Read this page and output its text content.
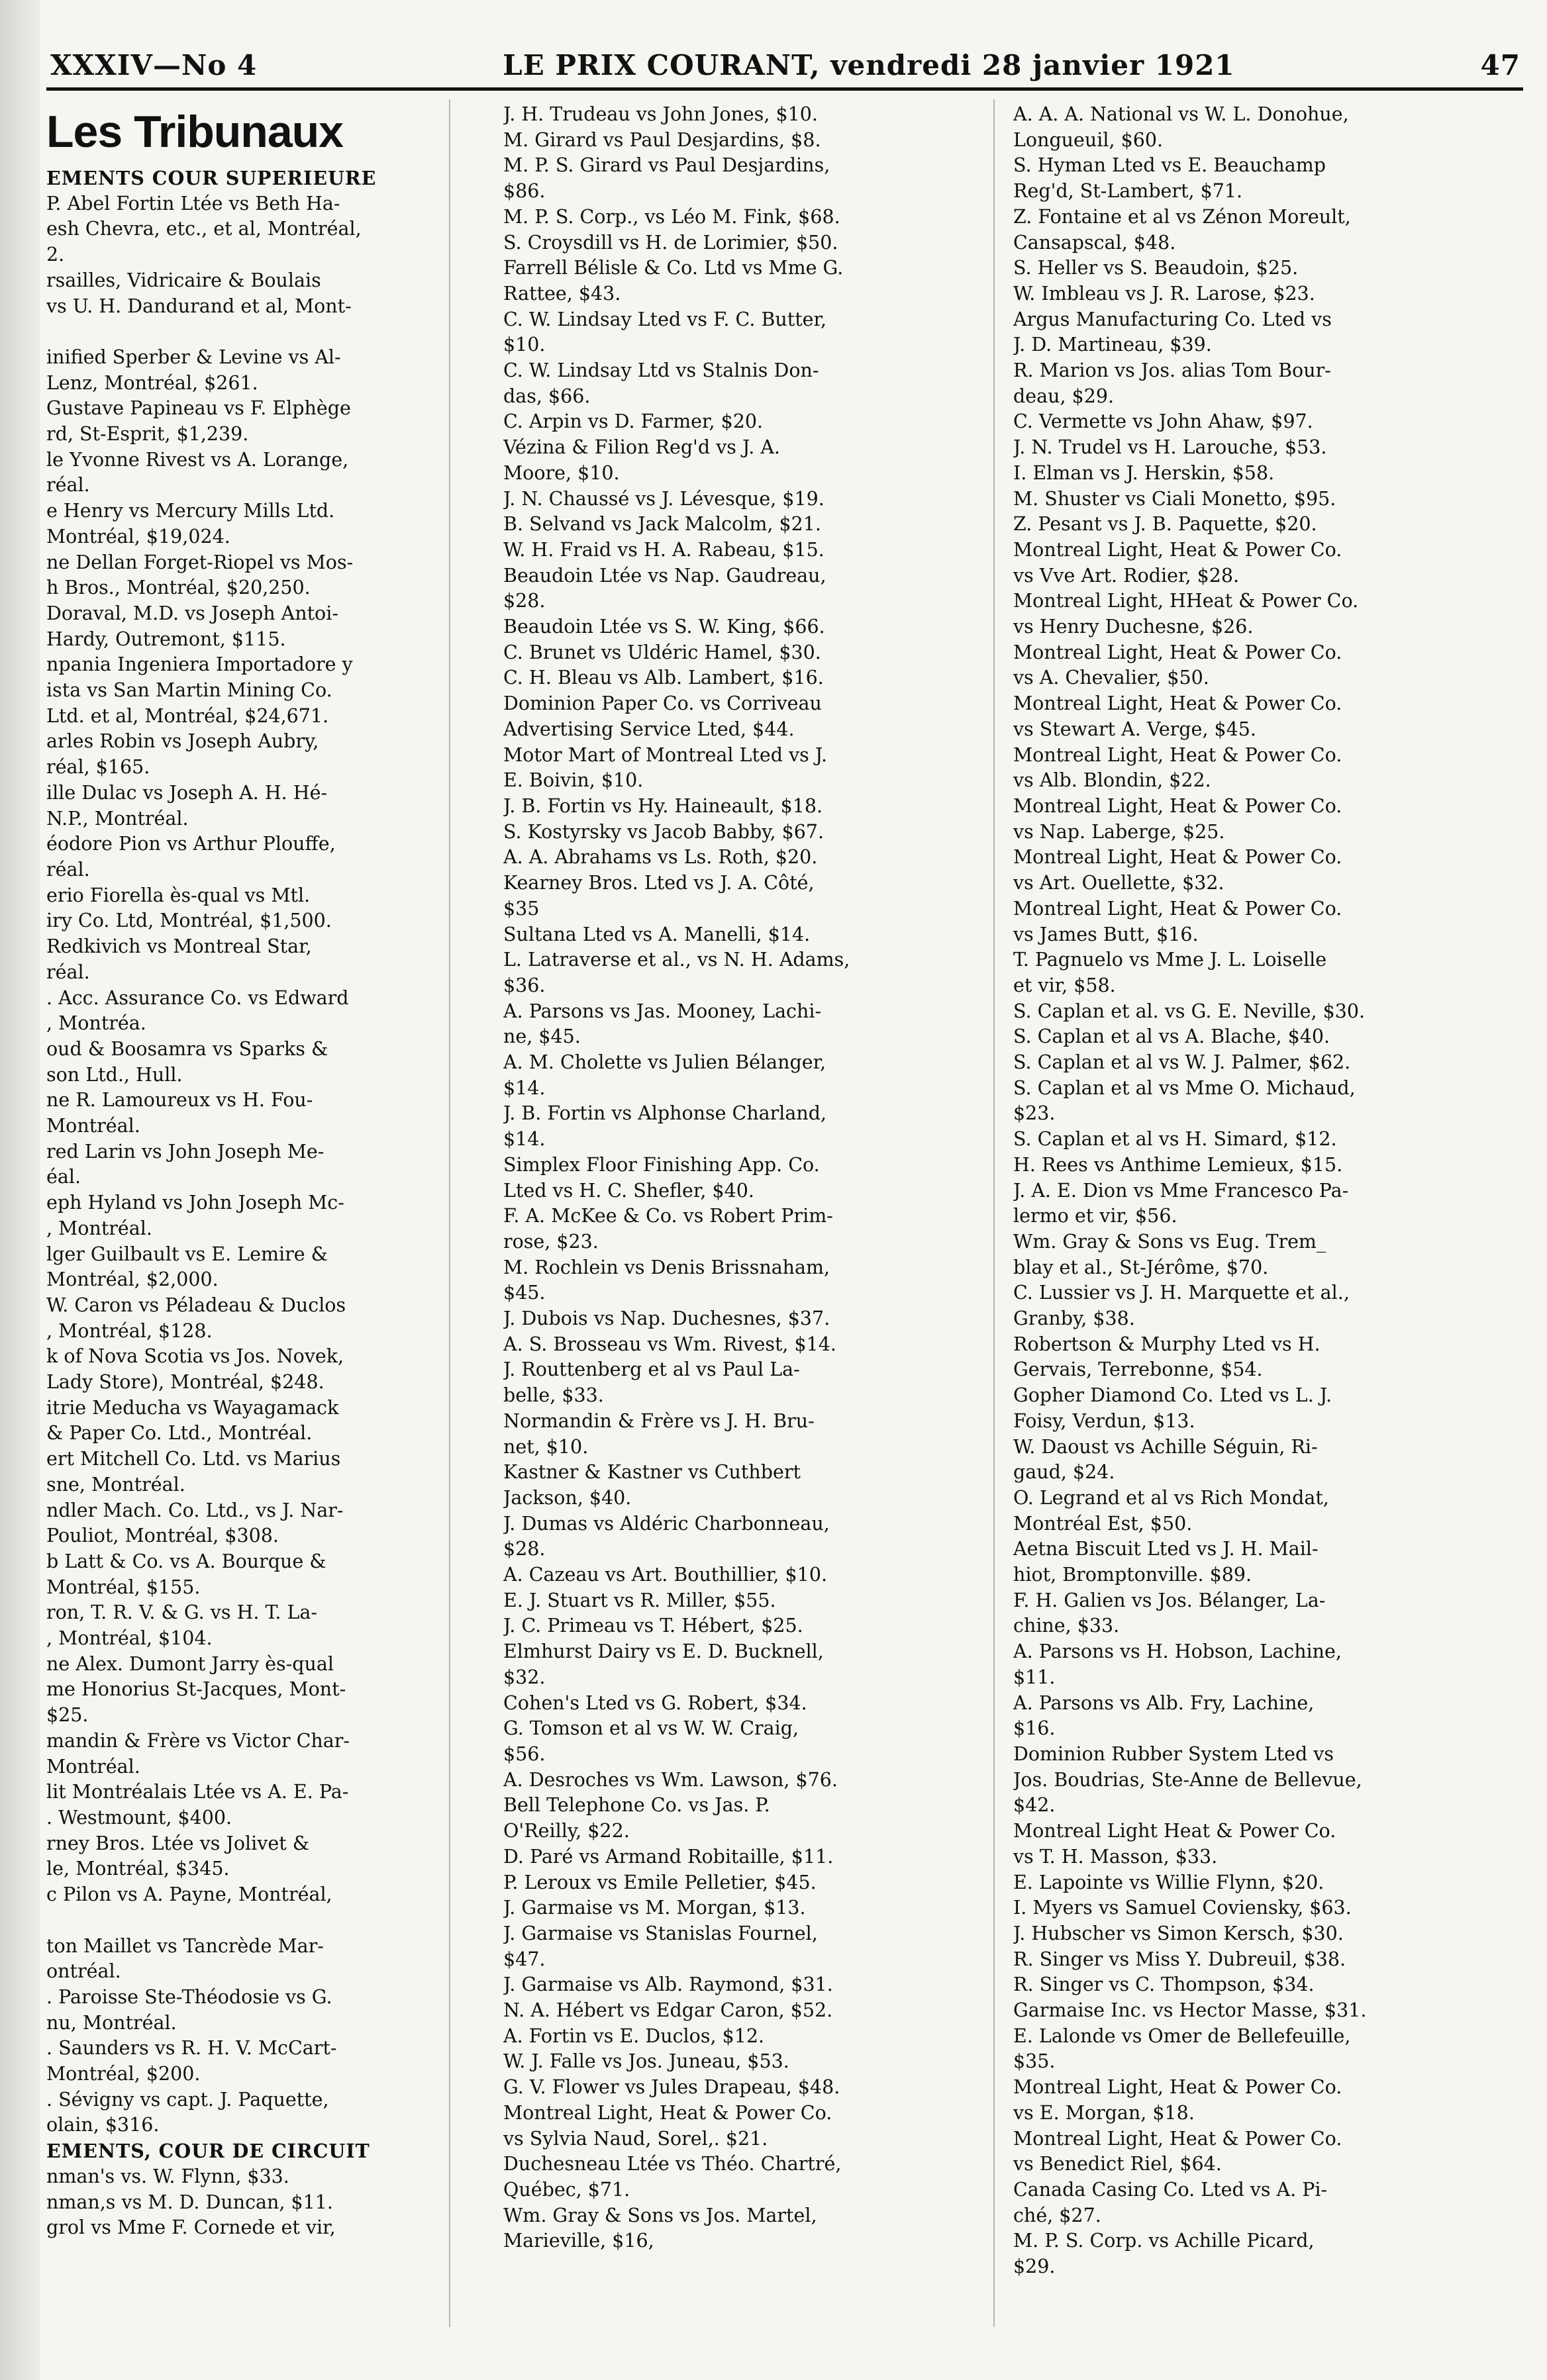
XXXIV—No 4	LE PRIX COURANT, vendredi 28 janvier 1921	47
Les Tribunaux
EMENTS COUR SUPERIEURE
P. Abel Fortin Ltée vs Beth Ha-
esh Chevra, etc., et al, Montréal,
2.
rsailles, Vidricaire & Boulais
vs U. H. Dandurand et al, Mont-

inified Sperber & Levine vs Al-
Lenz, Montréal, $261.
Gustave Papineau vs F. Elphège
rd, St-Esprit, $1,239.
le Yvonne Rivest vs A. Lorange,
réal.
e Henry vs Mercury Mills Ltd.
Montréal, $19,024.
ne Dellan Forget-Riopel vs Mos-
h Bros., Montréal, $20,250.
Doraval, M.D. vs Joseph Antoi-
Hardy, Outremont, $115.
npania Ingeniera Importadore y
ista vs San Martin Mining Co.
Ltd. et al, Montréal, $24,671.
arles Robin vs Joseph Aubry,
réal, $165.
ille Dulac vs Joseph A. H. Hé-
N.P., Montréal.
éodore Pion vs Arthur Plouffe,
réal.
erio Fiorella ès-qual vs Mtl.
iry Co. Ltd, Montréal, $1,500.
Redkivich vs Montreal Star,
réal.
. Acc. Assurance Co. vs Edward
, Montréa.
oud & Boosamra vs Sparks &
son Ltd., Hull.
ne R. Lamoureux vs H. Fou-
Montréal.
red Larin vs John Joseph Me-
éal.
eph Hyland vs John Joseph Mc-
, Montréal.
lger Guilbault vs E. Lemire &
Montréal, $2,000.
W. Caron vs Péladeau & Duclos
, Montréal, $128.
k of Nova Scotia vs Jos. Novek,
Lady Store), Montréal, $248.
itrie Meducha vs Wayagamack
& Paper Co. Ltd., Montréal.
ert Mitchell Co. Ltd. vs Marius
sne, Montréal.
ndler Mach. Co. Ltd., vs J. Nar-
Pouliot, Montréal, $308.
b Latt & Co. vs A. Bourque &
Montréal, $155.
ron, T. R. V. & G. vs H. T. La-
, Montréal, $104.
ne Alex. Dumont Jarry ès-qual
me Honorius St-Jacques, Mont-
$25.
mandin & Frère vs Victor Char-
Montréal.
lit Montréalais Ltée vs A. E. Pa-
. Westmount, $400.
rney Bros. Ltée vs Jolivet &
le, Montréal, $345.
c Pilon vs A. Payne, Montréal,

ton Maillet vs Tancrède Mar-
ontréal.
. Paroisse Ste-Théodosie vs G.
nu, Montréal.
. Saunders vs R. H. V. McCart-
Montréal, $200.
. Sévigny vs capt. J. Paquette,
olain, $316.
EMENTS, COUR DE CIRCUIT
nman's vs. W. Flynn, $33.
nman,s vs M. D. Duncan, $11.
grol vs Mme F. Cornede et vir,
J. H. Trudeau vs John Jones, $10.
M. Girard vs Paul Desjardins, $8.
M. P. S. Girard vs Paul Desjardins,
$86.
M. P. S. Corp., vs Léo M. Fink, $68.
S. Croysdill vs H. de Lorimier, $50.
Farrell Bélisle & Co. Ltd vs Mme G.
Rattee, $43.
C. W. Lindsay Lted vs F. C. Butter,
$10.
C. W. Lindsay Ltd vs Stalnis Don-
das, $66.
C. Arpin vs D. Farmer, $20.
Vézina & Filion Reg'd vs J. A.
Moore, $10.
J. N. Chaussé vs J. Lévesque, $19.
B. Selvand vs Jack Malcolm, $21.
W. H. Fraid vs H. A. Rabeau, $15.
Beaudoin Ltée vs Nap. Gaudreau,
$28.
Beaudoin Ltée vs S. W. King, $66.
C. Brunet vs Uldéric Hamel, $30.
C. H. Bleau vs Alb. Lambert, $16.
Dominion Paper Co. vs Corriveau
Advertising Service Lted, $44.
Motor Mart of Montreal Lted vs J.
E. Boivin, $10.
J. B. Fortin vs Hy. Haineault, $18.
S. Kostyrsky vs Jacob Babby, $67.
A. A. Abrahams vs Ls. Roth, $20.
Kearney Bros. Lted vs J. A. Côté,
$35
Sultana Lted vs A. Manelli, $14.
L. Latraverse et al., vs N. H. Adams,
$36.
A. Parsons vs Jas. Mooney, Lachi-
ne, $45.
A. M. Cholette vs Julien Bélanger,
$14.
J. B. Fortin vs Alphonse Charland,
$14.
Simplex Floor Finishing App. Co.
Lted vs H. C. Shefler, $40.
F. A. McKee & Co. vs Robert Prim-
rose, $23.
M. Rochlein vs Denis Brissnaham,
$45.
J. Dubois vs Nap. Duchesnes, $37.
A. S. Brosseau vs Wm. Rivest, $14.
J. Routtenberg et al vs Paul La-
belle, $33.
Normandin & Frère vs J. H. Bru-
net, $10.
Kastner & Kastner vs Cuthbert
Jackson, $40.
J. Dumas vs Aldéric Charbonneau,
$28.
A. Cazeau vs Art. Bouthillier, $10.
E. J. Stuart vs R. Miller, $55.
J. C. Primeau vs T. Hébert, $25.
Elmhurst Dairy vs E. D. Bucknell,
$32.
Cohen's Lted vs G. Robert, $34.
G. Tomson et al vs W. W. Craig,
$56.
A. Desroches vs Wm. Lawson, $76.
Bell Telephone Co. vs Jas. P.
O'Reilly, $22.
D. Paré vs Armand Robitaille, $11.
P. Leroux vs Emile Pelletier, $45.
J. Garmaise vs M. Morgan, $13.
J. Garmaise vs Stanislas Fournel,
$47.
J. Garmaise vs Alb. Raymond, $31.
N. A. Hébert vs Edgar Caron, $52.
A. Fortin vs E. Duclos, $12.
W. J. Falle vs Jos. Juneau, $53.
G. V. Flower vs Jules Drapeau, $48.
Montreal Light, Heat & Power Co.
vs Sylvia Naud, Sorel,. $21.
Duchesneau Ltée vs Théo. Chartré,
Québec, $71.
Wm. Gray & Sons vs Jos. Martel,
Marieville, $16,
A. A. A. National vs W. L. Donohue,
Longueuil, $60.
S. Hyman Lted vs E. Beauchamp
Reg'd, St-Lambert, $71.
Z. Fontaine et al vs Zénon Moreult,
Cansapscal, $48.
S. Heller vs S. Beaudoin, $25.
W. Imbleau vs J. R. Larose, $23.
Argus Manufacturing Co. Lted vs
J. D. Martineau, $39.
R. Marion vs Jos. alias Tom Bour-
deau, $29.
C. Vermette vs John Ahaw, $97.
J. N. Trudel vs H. Larouche, $53.
I. Elman vs J. Herskin, $58.
M. Shuster vs Ciali Monetto, $95.
Z. Pesant vs J. B. Paquette, $20.
Montreal Light, Heat & Power Co.
vs Vve Art. Rodier, $28.
Montreal Light, HHeat & Power Co.
vs Henry Duchesne, $26.
Montreal Light, Heat & Power Co.
vs A. Chevalier, $50.
Montreal Light, Heat & Power Co.
vs Stewart A. Verge, $45.
Montreal Light, Heat & Power Co.
vs Alb. Blondin, $22.
Montreal Light, Heat & Power Co.
vs Nap. Laberge, $25.
Montreal Light, Heat & Power Co.
vs Art. Ouellette, $32.
Montreal Light, Heat & Power Co.
vs James Butt, $16.
T. Pagnuelo vs Mme J. L. Loiselle
et vir, $58.
S. Caplan et al. vs G. E. Neville, $30.
S. Caplan et al vs A. Blache, $40.
S. Caplan et al vs W. J. Palmer, $62.
S. Caplan et al vs Mme O. Michaud,
$23.
S. Caplan et al vs H. Simard, $12.
H. Rees vs Anthime Lemieux, $15.
J. A. E. Dion vs Mme Francesco Pa-
lermo et vir, $56.
Wm. Gray & Sons vs Eug. Trem_
blay et al., St-Jérôme, $70.
C. Lussier vs J. H. Marquette et al.,
Granby, $38.
Robertson & Murphy Lted vs H.
Gervais, Terrebonne, $54.
Gopher Diamond Co. Lted vs L. J.
Foisy, Verdun, $13.
W. Daoust vs Achille Séguin, Ri-
gaud, $24.
O. Legrand et al vs Rich Mondat,
Montréal Est, $50.
Aetna Biscuit Lted vs J. H. Mail-
hiot, Bromptonville. $89.
F. H. Galien vs Jos. Bélanger, La-
chine, $33.
A. Parsons vs H. Hobson, Lachine,
$11.
A. Parsons vs Alb. Fry, Lachine,
$16.
Dominion Rubber System Lted vs
Jos. Boudrias, Ste-Anne de Bellevue,
$42.
Montreal Light Heat & Power Co.
vs T. H. Masson, $33.
E. Lapointe vs Willie Flynn, $20.
I. Myers vs Samuel Coviensky, $63.
J. Hubscher vs Simon Kersch, $30.
R. Singer vs Miss Y. Dubreuil, $38.
R. Singer vs C. Thompson, $34.
Garmaise Inc. vs Hector Masse, $31.
E. Lalonde vs Omer de Bellefeuille,
$35.
Montreal Light, Heat & Power Co.
vs E. Morgan, $18.
Montreal Light, Heat & Power Co.
vs Benedict Riel, $64.
Canada Casing Co. Lted vs A. Pi-
ché, $27.
M. P. S. Corp. vs Achille Picard,
$29.
